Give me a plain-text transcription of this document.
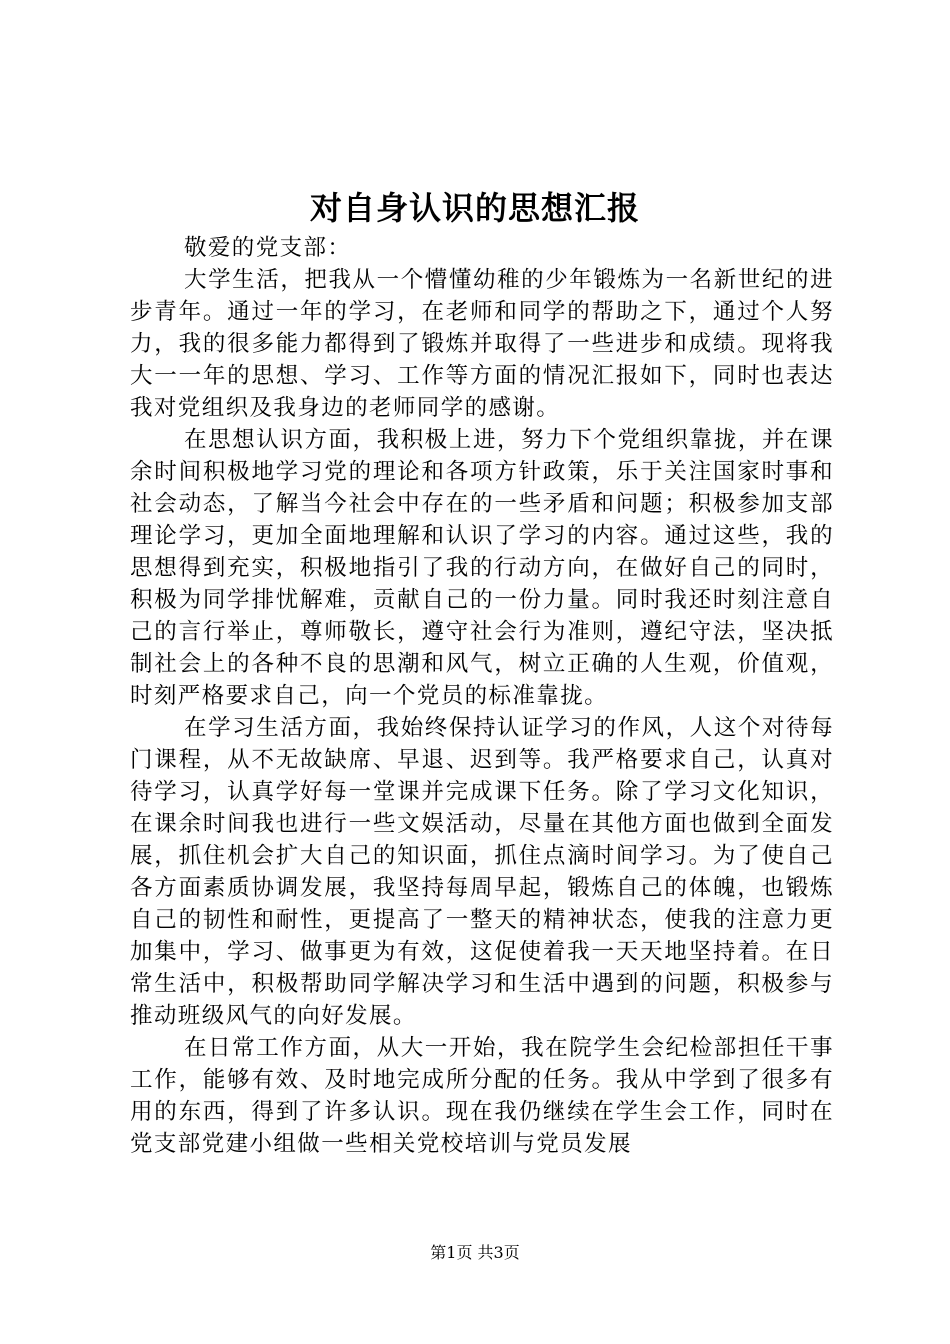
对自身认识的思想汇报

敬爱的党支部：

大学生活，把我从一个懵懂幼稚的少年锻炼为一名新世纪的进步青年。通过一年的学习，在老师和同学的帮助之下，通过个人努力，我的很多能力都得到了锻炼并取得了一些进步和成绩。现将我大一一年的思想、学习、工作等方面的情况汇报如下，同时也表达我对党组织及我身边的老师同学的感谢。

在思想认识方面，我积极上进，努力下个党组织靠拢，并在课余时间积极地学习党的理论和各项方针政策，乐于关注国家时事和社会动态，了解当今社会中存在的一些矛盾和问题；积极参加支部理论学习，更加全面地理解和认识了学习的内容。通过这些，我的思想得到充实，积极地指引了我的行动方向，在做好自己的同时，积极为同学排忧解难，贡献自己的一份力量。同时我还时刻注意自己的言行举止，尊师敬长，遵守社会行为准则，遵纪守法，坚决抵制社会上的各种不良的思潮和风气，树立正确的人生观，价值观，时刻严格要求自己，向一个党员的标准靠拢。

在学习生活方面，我始终保持认证学习的作风，人这个对待每门课程，从不无故缺席、早退、迟到等。我严格要求自己，认真对待学习，认真学好每一堂课并完成课下任务。除了学习文化知识，在课余时间我也进行一些文娱活动，尽量在其他方面也做到全面发展，抓住机会扩大自己的知识面，抓住点滴时间学习。为了使自己各方面素质协调发展，我坚持每周早起，锻炼自己的体魄，也锻炼自己的韧性和耐性，更提高了一整天的精神状态，使我的注意力更加集中，学习、做事更为有效，这促使着我一天天地坚持着。在日常生活中，积极帮助同学解决学习和生活中遇到的问题，积极参与推动班级风气的向好发展。

在日常工作方面，从大一开始，我在院学生会纪检部担任干事工作，能够有效、及时地完成所分配的任务。我从中学到了很多有用的东西，得到了许多认识。现在我仍继续在学生会工作，同时在党支部党建小组做一些相关党校培训与党员发展

第1页 共3页
